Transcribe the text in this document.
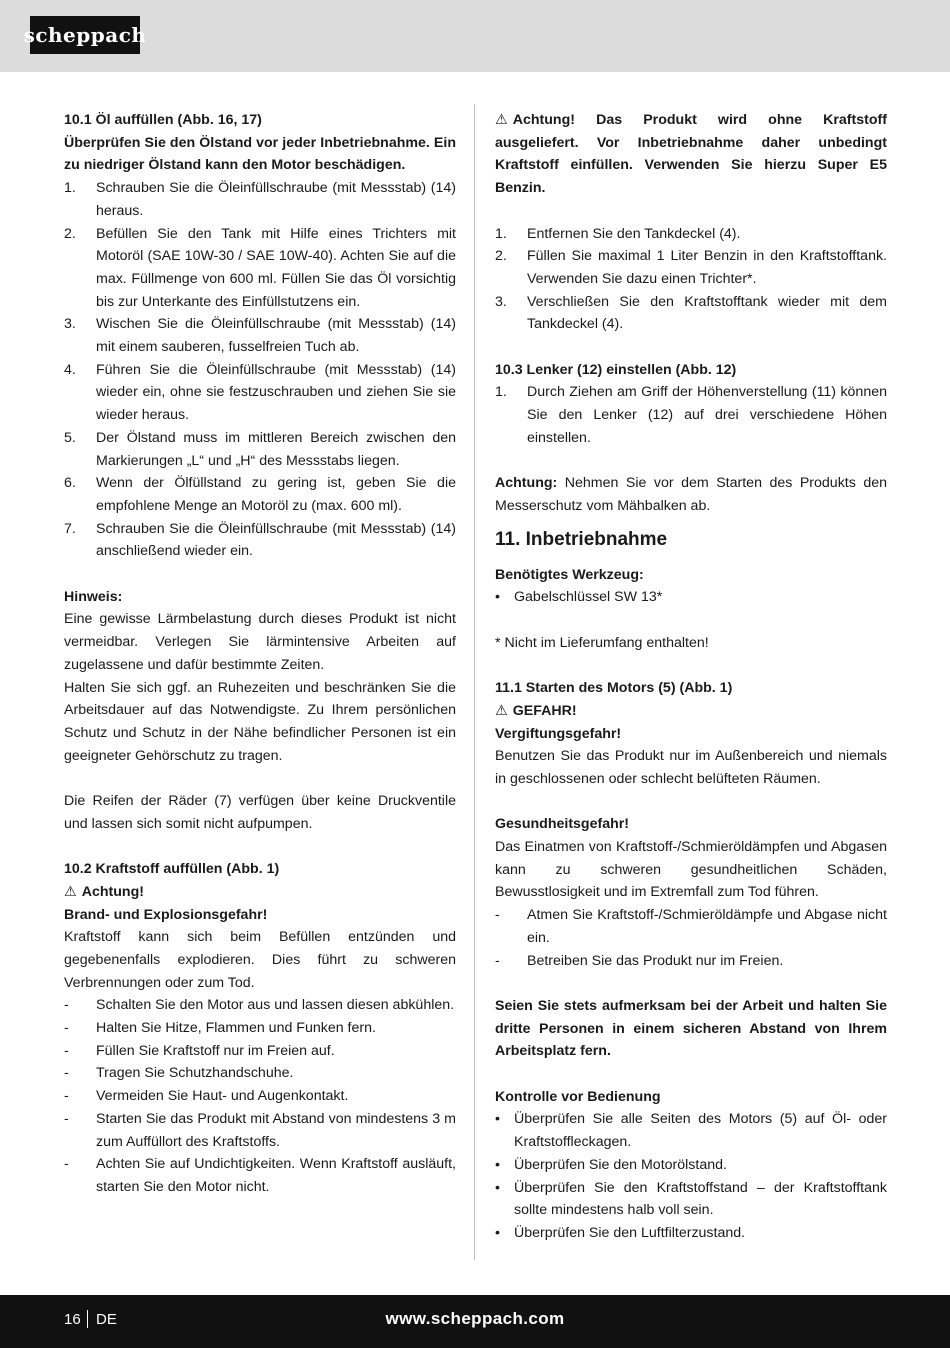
scheppach

10.1 Öl auffüllen (Abb. 16, 17)

Überprüfen Sie den Ölstand vor jeder Inbetriebnahme. Ein zu niedriger Ölstand kann den Motor beschädigen.

1.	Schrauben Sie die Öleinfüllschraube (mit Messstab) (14) heraus.
2.	Befüllen Sie den Tank mit Hilfe eines Trichters mit Motoröl (SAE 10W-30 / SAE 10W-40). Achten Sie auf die max. Füllmenge von 600 ml. Füllen Sie das Öl vorsichtig bis zur Unterkante des Einfüllstutzens ein.
3.	Wischen Sie die Öleinfüllschraube (mit Messstab) (14) mit einem sauberen, fusselfreien Tuch ab.
4.	Führen Sie die Öleinfüllschraube (mit Messstab) (14) wieder ein, ohne sie festzuschrauben und ziehen Sie sie wieder heraus.
5.	Der Ölstand muss im mittleren Bereich zwischen den Markierungen „L“ und „H“ des Messstabs liegen.
6.	Wenn der Ölfüllstand zu gering ist, geben Sie die empfohlene Menge an Motoröl zu (max. 600 ml).
7.	Schrauben Sie die Öleinfüllschraube (mit Messstab) (14) anschließend wieder ein.

Hinweis:

Eine gewisse Lärmbelastung durch dieses Produkt ist nicht vermeidbar. Verlegen Sie lärmintensive Arbeiten auf zugelassene und dafür bestimmte Zeiten.

Halten Sie sich ggf. an Ruhezeiten und beschränken Sie die Arbeitsdauer auf das Notwendigste. Zu Ihrem persönlichen Schutz und Schutz in der Nähe befindlicher Personen ist ein geeigneter Gehörschutz zu tragen.

Die Reifen der Räder (7) verfügen über keine Druckventile und lassen sich somit nicht aufpumpen.

10.2 Kraftstoff auffüllen (Abb. 1)

⚠ Achtung!

Brand- und Explosionsgefahr!

Kraftstoff kann sich beim Befüllen entzünden und gegebenenfalls explodieren. Dies führt zu schweren Verbrennungen oder zum Tod.

-	Schalten Sie den Motor aus und lassen diesen abkühlen.
-	Halten Sie Hitze, Flammen und Funken fern.
-	Füllen Sie Kraftstoff nur im Freien auf.
-	Tragen Sie Schutzhandschuhe.
-	Vermeiden Sie Haut- und Augenkontakt.
-	Starten Sie das Produkt mit Abstand von mindestens 3 m zum Auffüllort des Kraftstoffs.
-	Achten Sie auf Undichtigkeiten. Wenn Kraftstoff ausläuft, starten Sie den Motor nicht.

⚠ Achtung! Das Produkt wird ohne Kraftstoff ausgeliefert. Vor Inbetriebnahme daher unbedingt Kraftstoff einfüllen. Verwenden Sie hierzu Super E5 Benzin.

1.	Entfernen Sie den Tankdeckel (4).
2.	Füllen Sie maximal 1 Liter Benzin in den Kraftstofftank. Verwenden Sie dazu einen Trichter*.
3.	Verschließen Sie den Kraftstofftank wieder mit dem Tankdeckel (4).

10.3 Lenker (12) einstellen (Abb. 12)

1.	Durch Ziehen am Griff der Höhenverstellung (11) können Sie den Lenker (12) auf drei verschiedene Höhen einstellen.

Achtung: Nehmen Sie vor dem Starten des Produkts den Messerschutz vom Mähbalken ab.

11. Inbetriebnahme

Benötigtes Werkzeug:

• Gabelschlüssel SW 13*

* Nicht im Lieferumfang enthalten!

11.1 Starten des Motors (5) (Abb. 1)

⚠ GEFAHR!

Vergiftungsgefahr!

Benutzen Sie das Produkt nur im Außenbereich und niemals in geschlossenen oder schlecht belüfteten Räumen.

Gesundheitsgefahr!

Das Einatmen von Kraftstoff-/Schmieröldämpfen und Abgasen kann zu schweren gesundheitlichen Schäden, Bewusstlosigkeit und im Extremfall zum Tod führen.

-	Atmen Sie Kraftstoff-/Schmieröldämpfe und Abgase nicht ein.
-	Betreiben Sie das Produkt nur im Freien.

Seien Sie stets aufmerksam bei der Arbeit und halten Sie dritte Personen in einem sicheren Abstand von Ihrem Arbeitsplatz fern.

Kontrolle vor Bedienung

• Überprüfen Sie alle Seiten des Motors (5) auf Öl- oder Kraftstoffleckagen.
• Überprüfen Sie den Motorölstand.
• Überprüfen Sie den Kraftstoffstand – der Kraftstofftank sollte mindestens halb voll sein.
• Überprüfen Sie den Luftfilterzustand.
16 DE	www.scheppach.com
